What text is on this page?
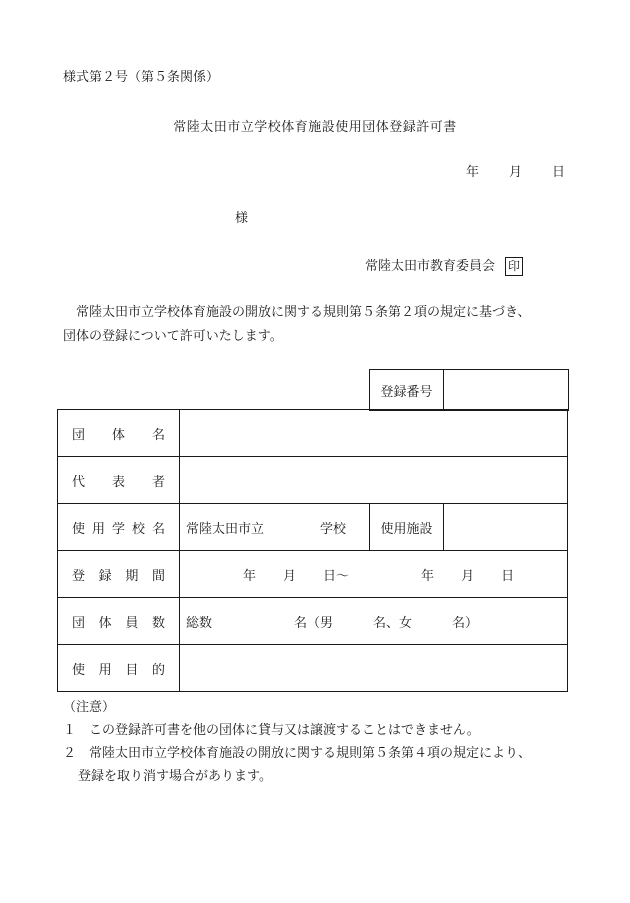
様式第２号（第５条関係）
常陸太田市立学校体育施設使用団体登録許可書
年 月 日
様
常陸太田市教育委員会 印

常陸太田市立学校体育施設の開放に関する規則第５条第２項の規定に基づき、

団体の登録について許可いたします。

登録番号	
団　体　名			
代　表　者			
使用学校名	常陸太田市立 学校	使用施設	
登録期間	年 月 日～ 年 月 日		
団体員数	総数 名（男 名、女 名）		
使用目的			
（注意）
１　この登録許可書を他の団体に貸与又は譲渡することはできません。
２　常陸太田市立学校体育施設の開放に関する規則第５条第４項の規定により、
登録を取り消す場合があります。
